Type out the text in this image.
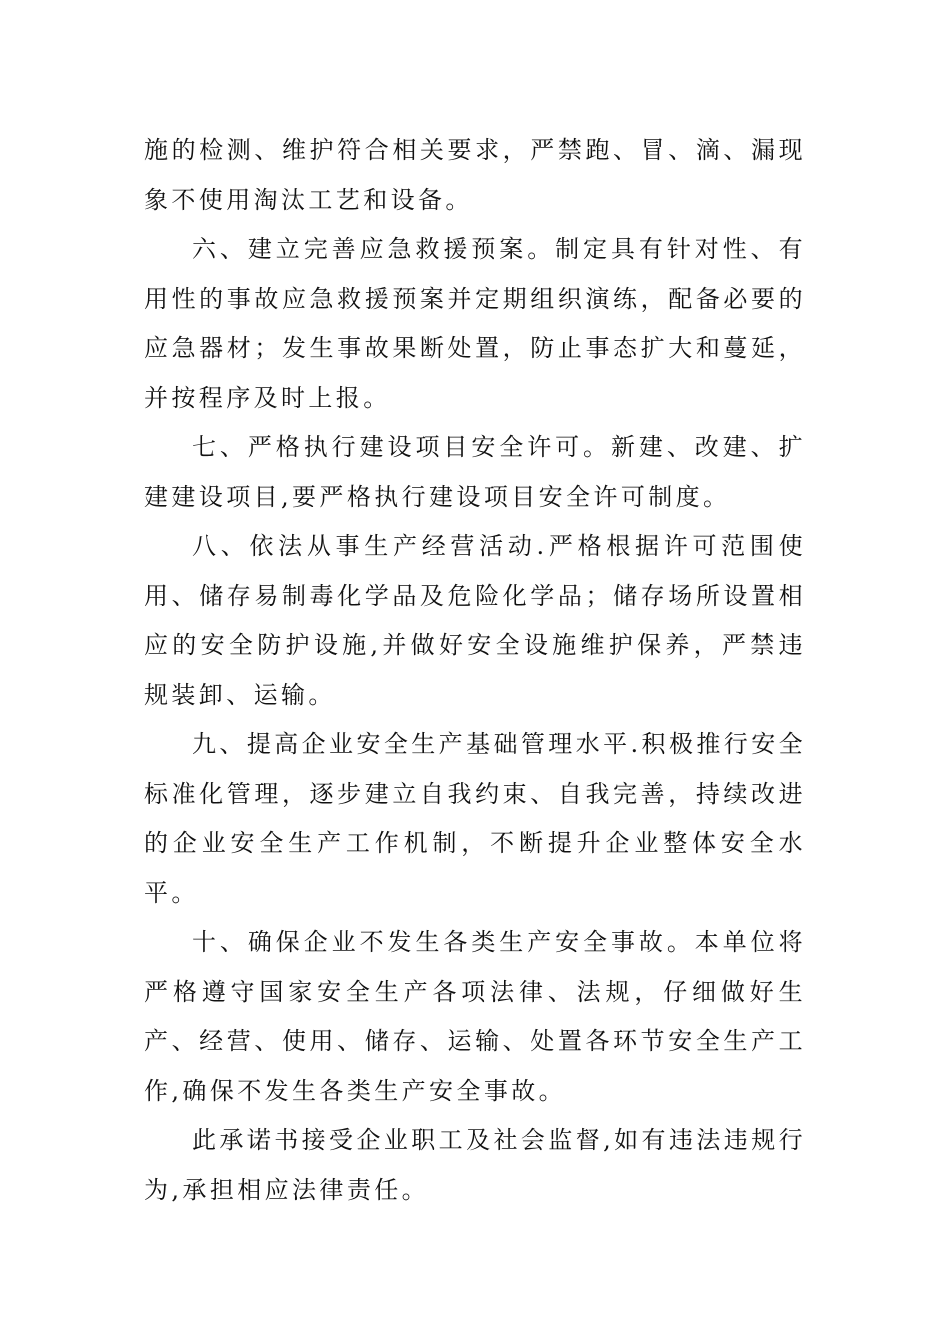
施的检测、维护符合相关要求，严禁跑、冒、滴、漏现象不使用淘汰工艺和设备。

六、建立完善应急救援预案。制定具有针对性、有用性的事故应急救援预案并定期组织演练，配备必要的应急器材；发生事故果断处置，防止事态扩大和蔓延，并按程序及时上报。

七、严格执行建设项目安全许可。新建、改建、扩建建设项目,要严格执行建设项目安全许可制度。

八、依法从事生产经营活动.严格根据许可范围使用、储存易制毒化学品及危险化学品；储存场所设置相应的安全防护设施,并做好安全设施维护保养，严禁违规装卸、运输。

九、提高企业安全生产基础管理水平.积极推行安全标准化管理，逐步建立自我约束、自我完善，持续改进的企业安全生产工作机制，不断提升企业整体安全水平。

十、确保企业不发生各类生产安全事故。本单位将严格遵守国家安全生产各项法律、法规，仔细做好生产、经营、使用、储存、运输、处置各环节安全生产工作,确保不发生各类生产安全事故。

此承诺书接受企业职工及社会监督,如有违法违规行为,承担相应法律责任。
